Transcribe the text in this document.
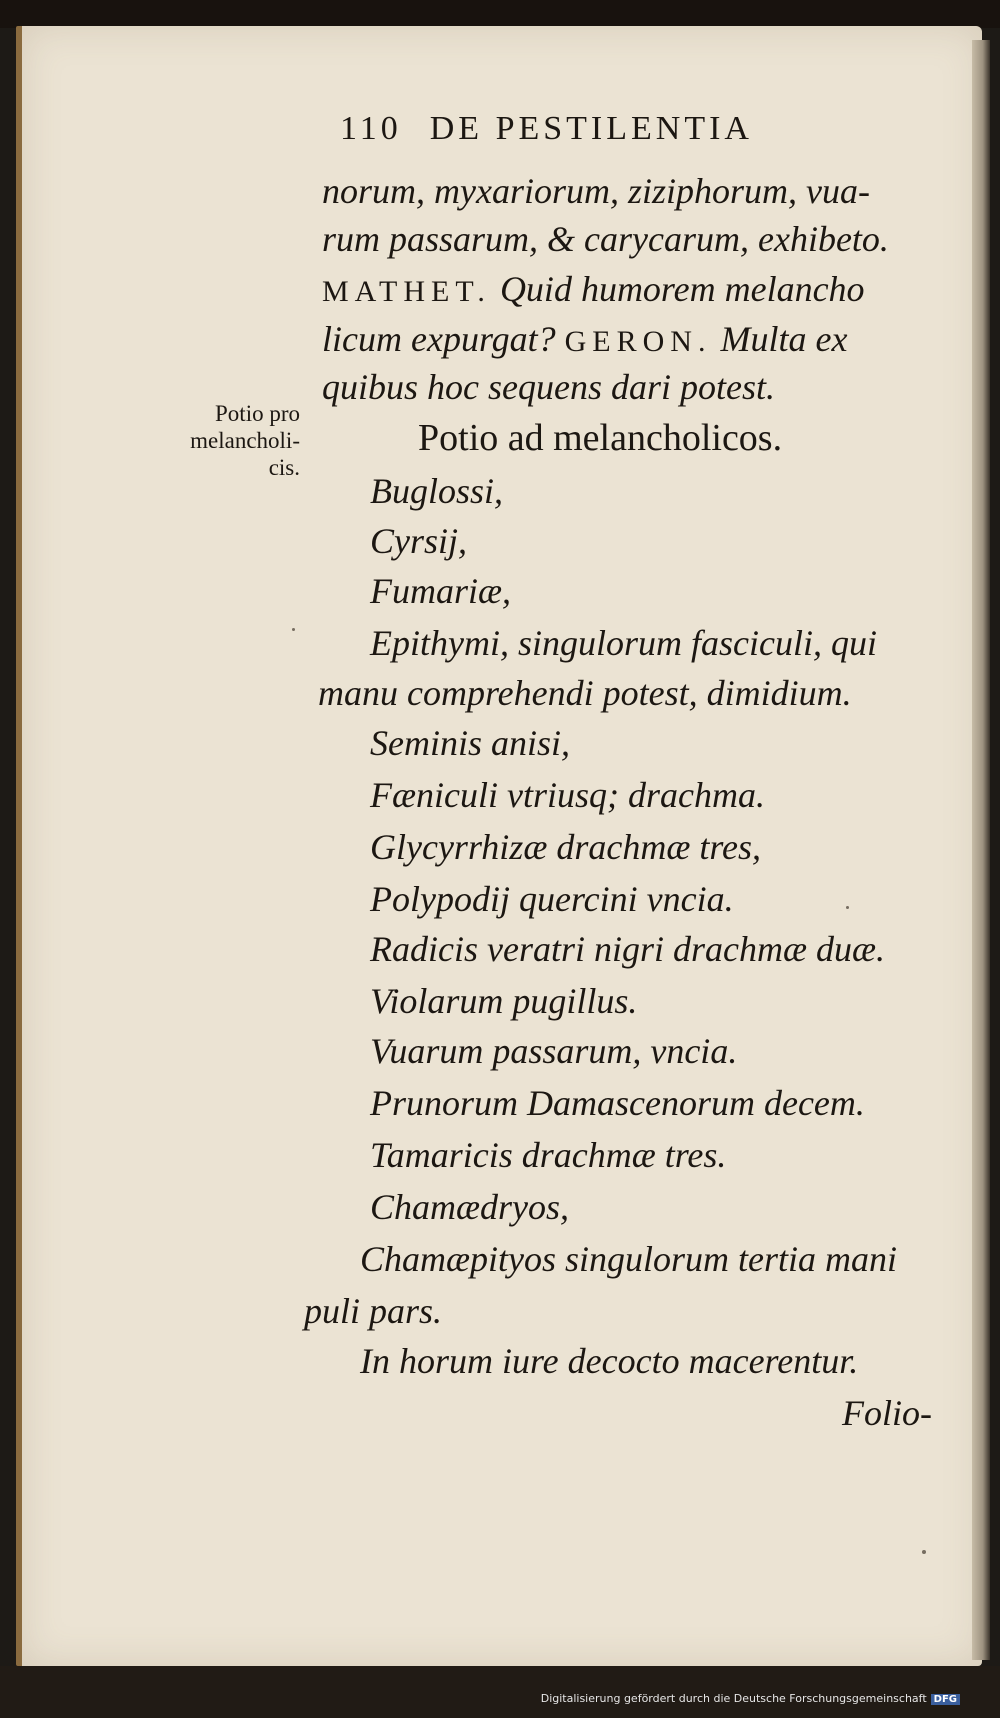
110 DE PESTILENTIA
norum, myxariorum, ziziphorum, vua-
rum passarum, & carycarum, exhibeto.
MATHET. Quid humorem melancho
licum expurgat? GERON. Multa ex
quibus hoc sequens dari potest.
Potio pro
melancholi-
cis.
Potio ad melancholicos.
Buglossi,
Cyrsij,
Fumariæ,
Epithymi, singulorum fasciculi, qui
manu comprehendi potest, dimidium.
Seminis anisi,
Fæniculi vtriusq; drachma.
Glycyrrhizæ drachmæ tres,
Polypodij quercini vncia.
Radicis veratri nigri drachmæ duæ.
Violarum pugillus.
Vuarum passarum, vncia.
Prunorum Damascenorum decem.
Tamaricis drachmæ tres.
Chamædryos,
Chamæpityos singulorum tertia mani
puli pars.
In horum iure decocto macerentur.
Folio-
Digitalisierung gefördert durch die Deutsche Forschungsgemeinschaft DFG
